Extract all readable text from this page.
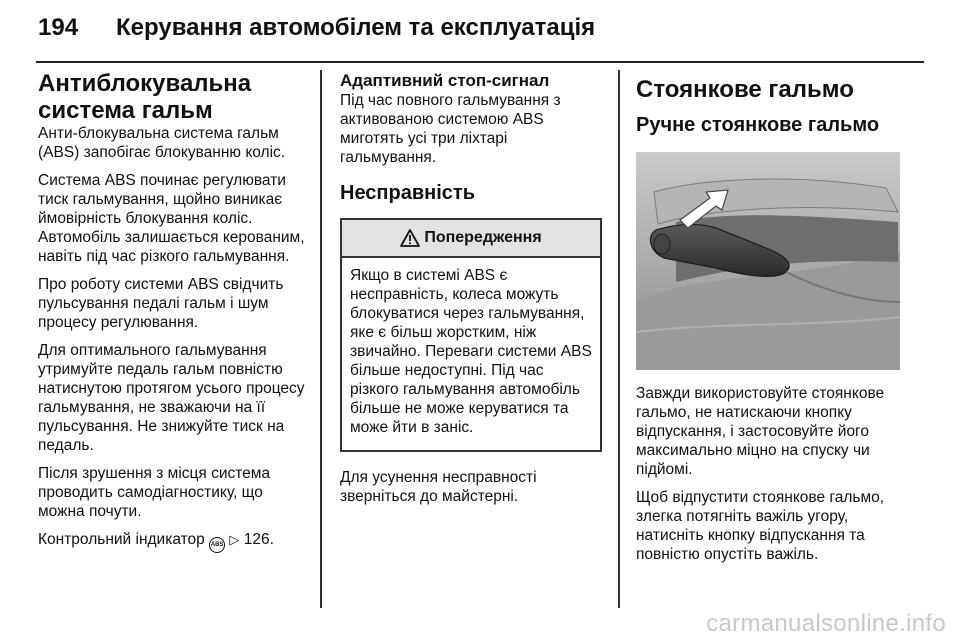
194 Керування автомобілем та експлуатація
Антиблокувальна
система гальм

Анти-блокувальна система гальм (ABS) запобігає блокуванню коліс.

Система ABS починає регулювати тиск гальмування, щойно виникає ймовірність блокування коліс. Автомобіль залишається керованим, навіть під час різкого гальмування.

Про роботу системи ABS свідчить пульсування педалі гальм і шум процесу регулювання.

Для оптимального гальмування утримуйте педаль гальм повністю натиснутою протягом усього процесу гальмування, не зважаючи на її пульсування. Не знижуйте тиск на педаль.

Після зрушення з місця система проводить самодіагностику, що можна почути.

Контрольний індикатор ABS ▷ 126.

Адаптивний стоп-сигнал

Під час повного гальмування з активованою системою ABS миготять усі три ліхтарі гальмування.

Несправність
Попередження

Якщо в системі ABS є несправність, колеса можуть блокуватися через гальмування, яке є більш жорстким, ніж звичайно. Переваги системи ABS більше недоступні. Під час різкого гальмування автомобіль більше не може керуватися та може йти в заніс.

Для усунення несправності зверніться до майстерні.

Стоянкове гальмо
Ручне стоянкове гальмо

Завжди використовуйте стоянкове гальмо, не натискаючи кнопку відпускання, і застосовуйте його максимально міцно на спуску чи підйомі.

Щоб відпустити стоянкове гальмо, злегка потягніть важіль угору, натисніть кнопку відпускання та повністю опустіть важіль.

carmanualsonline.info
